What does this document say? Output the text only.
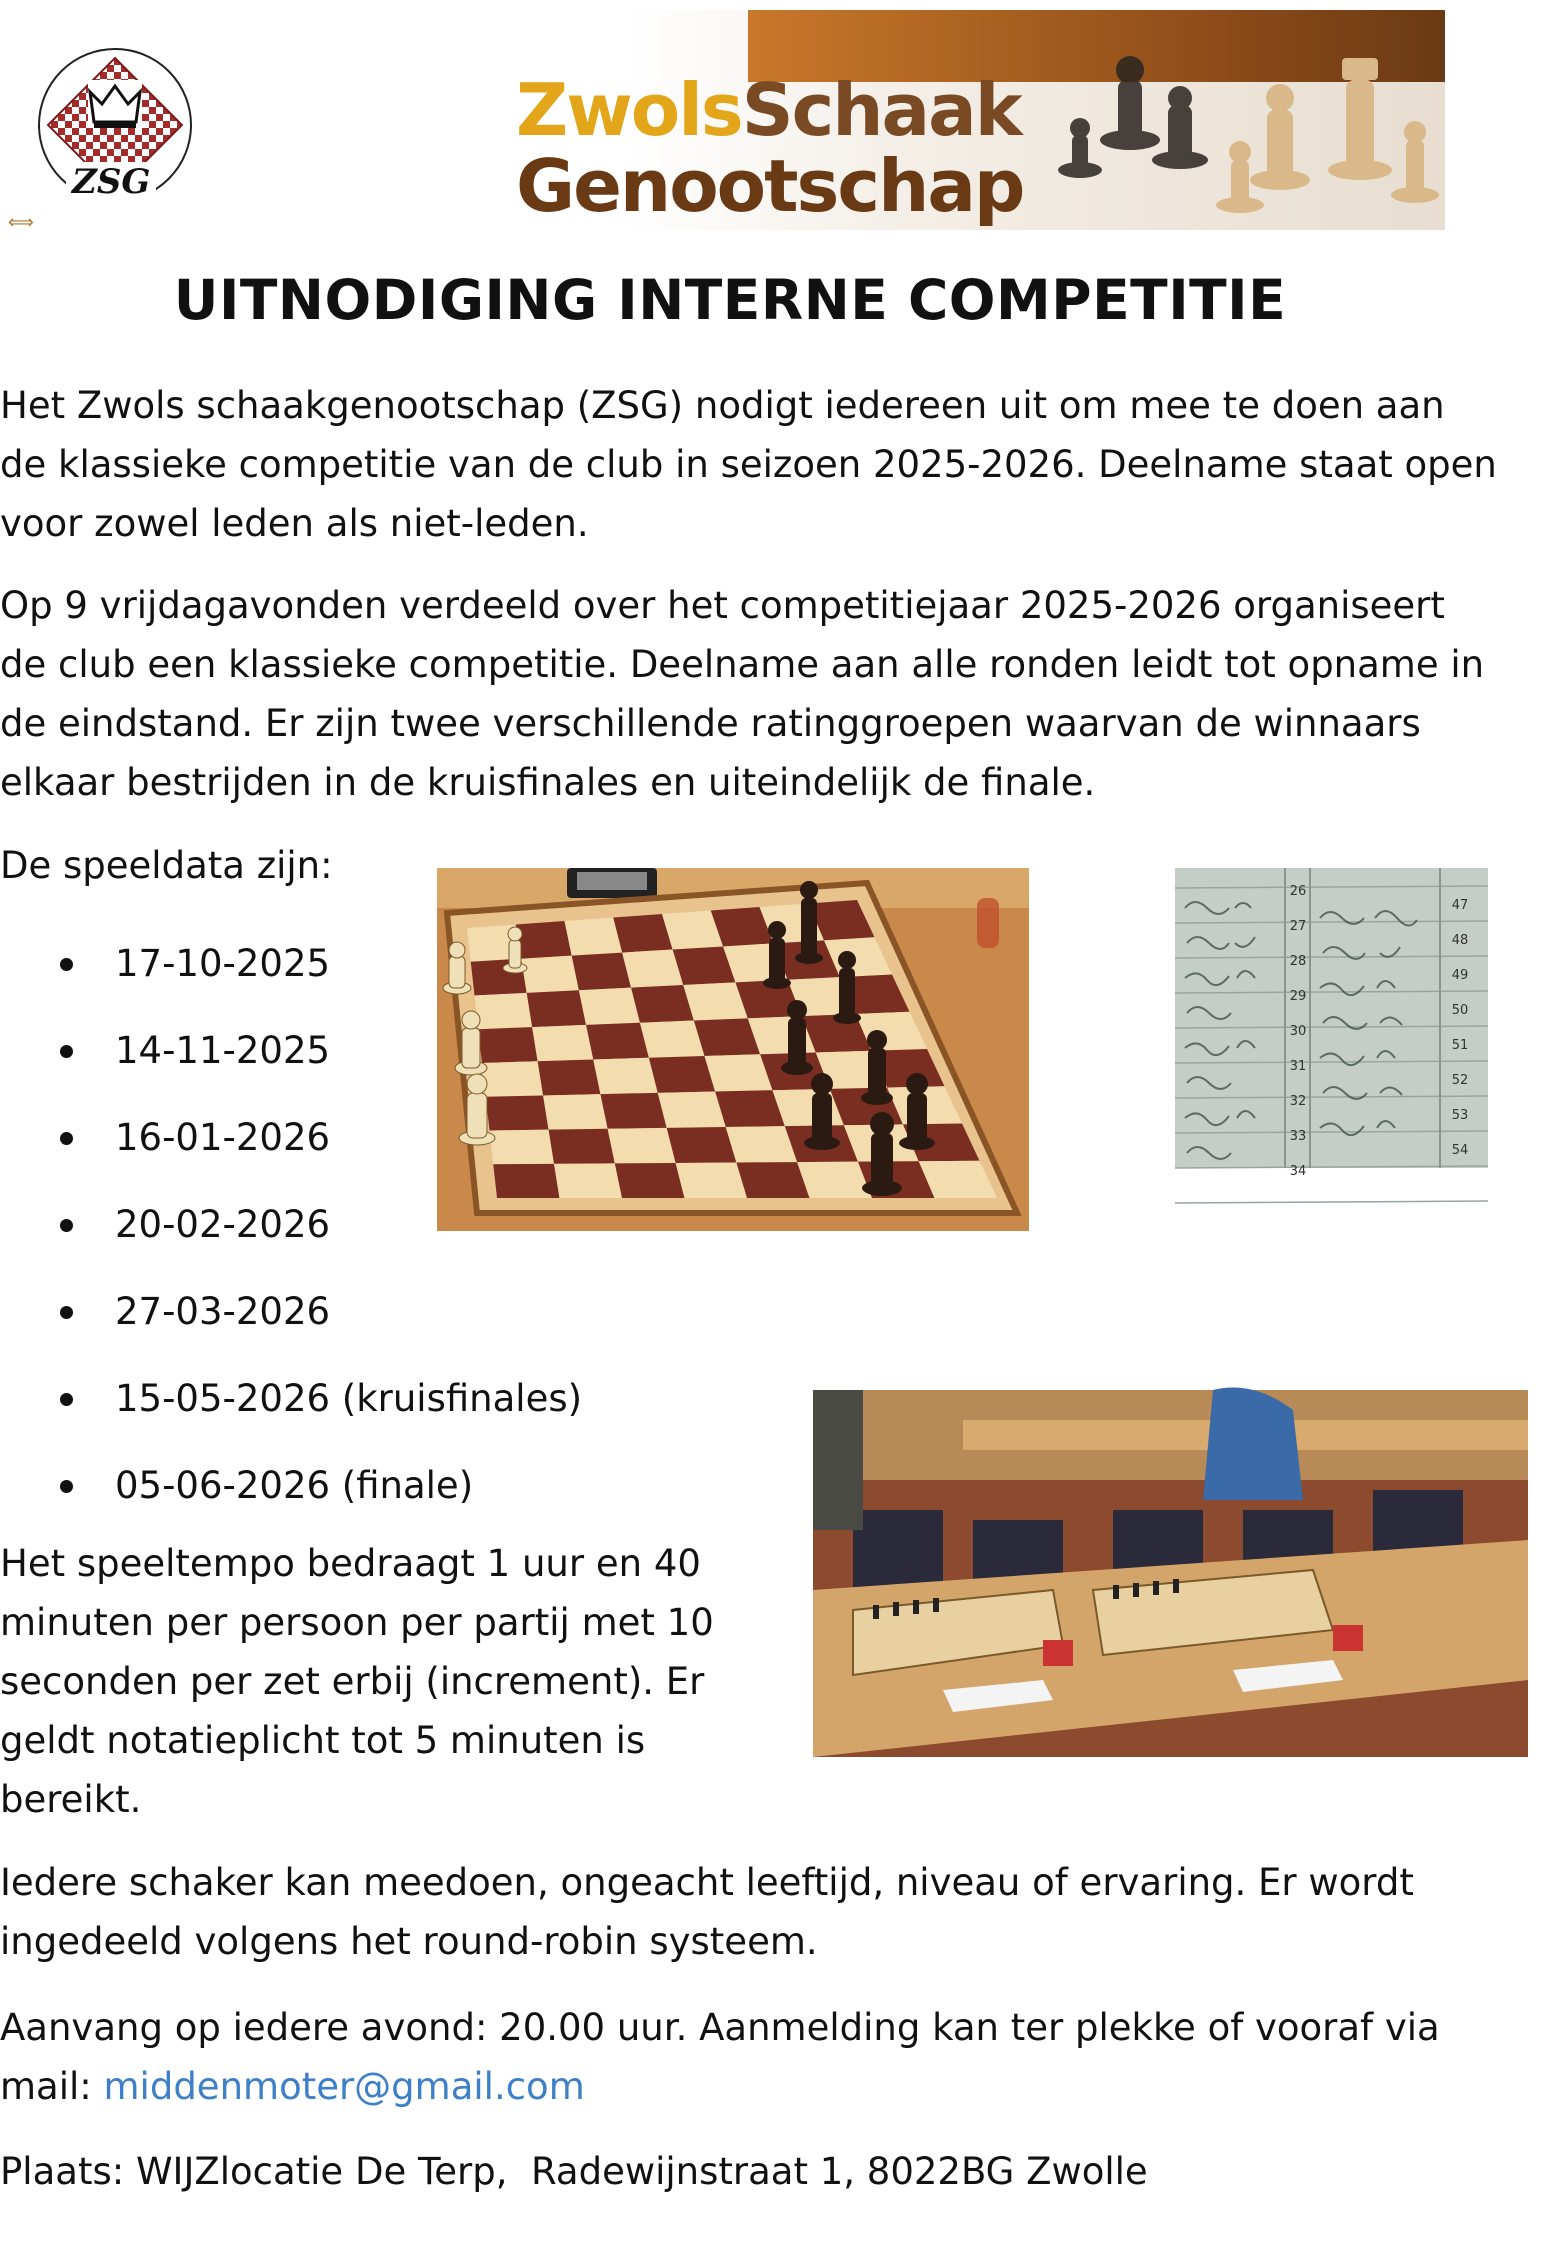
ZSG
⟺
ZwolsSchaak
Genootschap
UITNODIGING INTERNE COMPETITIE
Het Zwols schaakgenootschap (ZSG) nodigt iedereen uit om mee te doen aan
de klassieke competitie van de club in seizoen 2025-2026. Deelname staat open
voor zowel leden als niet-leden.
Op 9 vrijdagavonden verdeeld over het competitiejaar 2025-2026 organiseert
de club een klassieke competitie. Deelname aan alle ronden leidt tot opname in
de eindstand. Er zijn twee verschillende ratinggroepen waarvan de winnaars
elkaar bestrijden in de kruisfinales en uiteindelijk de finale.
De speeldata zijn:
17-10-2025
14-11-2025
16-01-2026
20-02-2026
27-03-2026
15-05-2026 (kruisfinales)
05-06-2026 (finale)
26
27
28
29
30
31
32
33
34
47
48
49
50
51
52
53
54
Het speeltempo bedraagt 1 uur en 40
minuten per persoon per partij met 10
seconden per zet erbij (increment). Er
geldt notatieplicht tot 5 minuten is
bereikt.
Iedere schaker kan meedoen, ongeacht leeftijd, niveau of ervaring. Er wordt
ingedeeld volgens het round-robin systeem.
Aanvang op iedere avond: 20.00 uur. Aanmelding kan ter plekke of vooraf via
mail: middenmoter@gmail.com
Plaats: WIJZlocatie De Terp,  Radewijnstraat 1, 8022BG Zwolle
